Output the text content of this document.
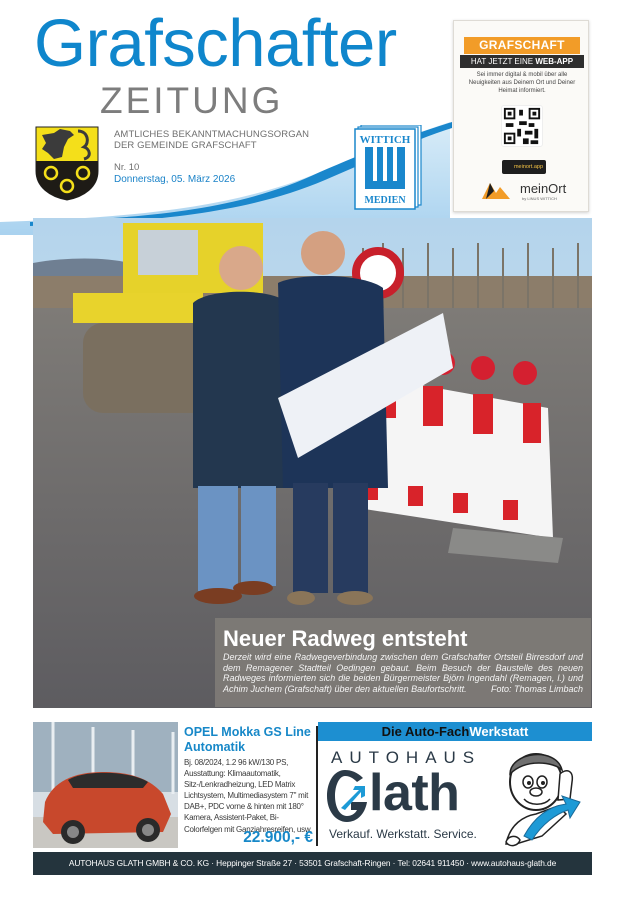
Grafschafter
ZEITUNG
AMTLICHES BEKANNTMACHUNGSORGAN
DER GEMEINDE GRAFSCHAFT
Nr. 10
Donnerstag, 05. März 2026
WITTICH
MEDIEN
GRAFSCHAFT
HAT JETZT EINE WEB-APP
Sei immer digital & mobil über alle Neuigkeiten aus Deinem Ort und Deiner Heimat informiert.
meinort.app
meinOrt
by LINUS WITTICH
Neuer Radweg entsteht
Derzeit wird eine Radwegeverbindung zwischen dem Grafschafter Ortsteil Birresdorf und dem Remagener Stadtteil Oedingen gebaut. Beim Besuch der Baustelle des neuen Radweges informierten sich die beiden Bürgermeister Björn Ingendahl (Remagen, l.) und Achim Juchem (Grafschaft) über den aktuellen Baufortschritt.	Foto: Thomas Limbach
OPEL Mokka GS Line Automatik
Bj. 08/2024, 1.2 96 kW/130 PS, Ausstattung: Klimaautomatik, Sitz-/Lenkradheizung, LED Matrix Lichtsystem, Multimediasystem 7" mit DAB+, PDC vorne & hinten mit 180° Kamera, Assistent-Paket, Bi-Colorfelgen mit Ganzjahresreifen, usw.
22.900,- €
Die Auto-FachWerkstatt
AUTOHAUS
lath
Verkauf. Werkstatt. Service.
AUTOHAUS GLATH GMBH & CO. KG · Heppinger Straße 27 · 53501 Grafschaft-Ringen · Tel: 02641 911450 · www.autohaus-glath.de
